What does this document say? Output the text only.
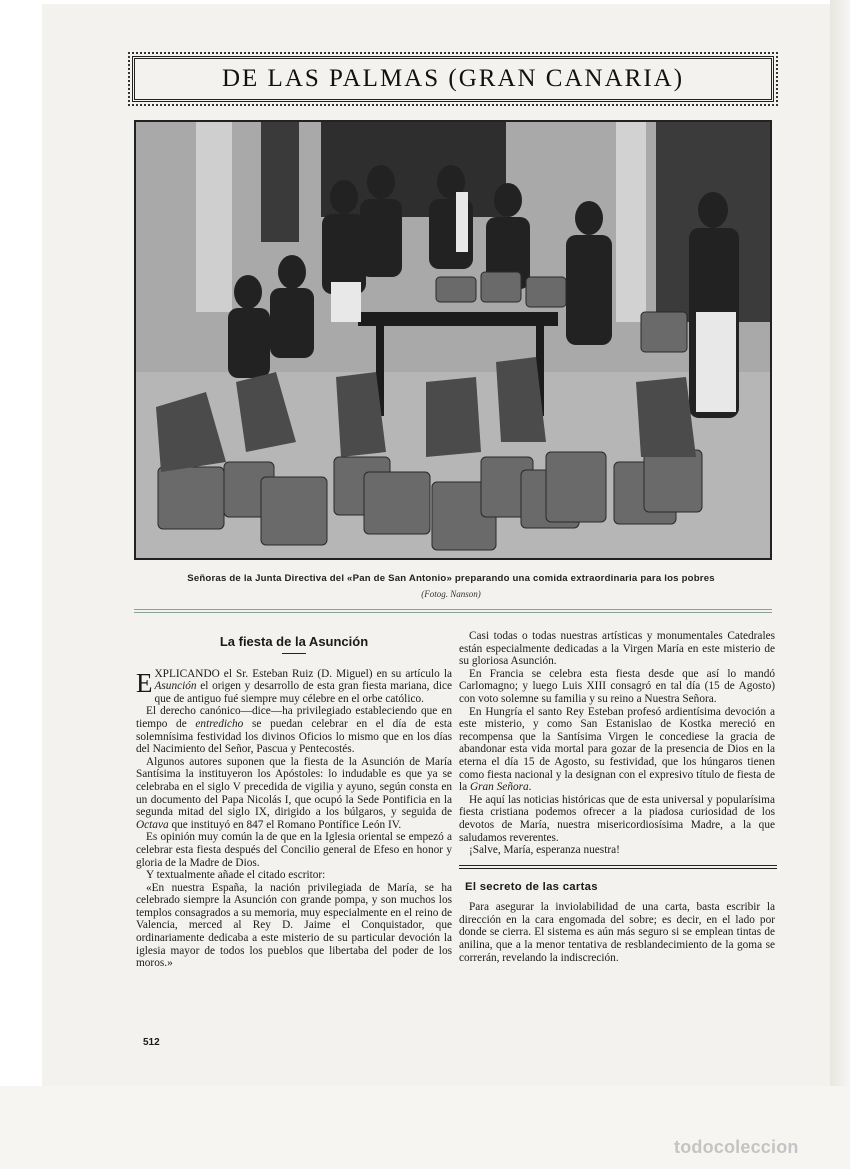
DE LAS PALMAS (GRAN CANARIA)
Señoras de la Junta Directiva del «Pan de San Antonio» preparando una comida extraordinaria para los pobres
(Fotog. Nanson)
La fiesta de la Asunción

EXPLICANDO el Sr. Esteban Ruiz (D. Miguel) en su artículo la Asunción el origen y desarrollo de esta gran fiesta mariana, dice que de antiguo fué siempre muy célebre en el orbe católico.

El derecho canónico—dice—ha privilegiado estableciendo que en tiempo de entredicho se puedan celebrar en el día de esta solemnísima festividad los divinos Oficios lo mismo que en los días del Nacimiento del Señor, Pascua y Pentecostés.

Algunos autores suponen que la fiesta de la Asunción de María Santísima la instituyeron los Apóstoles: lo indudable es que ya se celebraba en el siglo V precedida de vigilia y ayuno, según consta en un documento del Papa Nicolás I, que ocupó la Sede Pontificia en la segunda mitad del siglo IX, dirigido a los búlgaros, y seguida de Octava que instituyó en 847 el Romano Pontífice León IV.

Es opinión muy común la de que en la Iglesia oriental se empezó a celebrar esta fiesta después del Concilio general de Efeso en honor y gloria de la Madre de Dios.

Y textualmente añade el citado escritor:

«En nuestra España, la nación privilegiada de María, se ha celebrado siempre la Asunción con grande pompa, y son muchos los templos consagrados a su memoria, muy especialmente en el reino de Valencia, merced al Rey D. Jaime el Conquistador, que ordinariamente dedicaba a este misterio de su particular devoción la iglesia mayor de todos los pueblos que libertaba del poder de los moros.»

Casi todas o todas nuestras artísticas y monumentales Catedrales están especialmente dedicadas a la Virgen María en este misterio de su gloriosa Asunción.

En Francia se celebra esta fiesta desde que así lo mandó Carlomagno; y luego Luis XIII consagró en tal día (15 de Agosto) con voto solemne su familia y su reino a Nuestra Señora.

En Hungría el santo Rey Esteban profesó ardientísima devoción a este misterio, y como San Estanislao de Kostka mereció en recompensa que la Santísima Virgen le concediese la gracia de abandonar esta vida mortal para gozar de la presencia de Dios en la eterna el día 15 de Agosto, su festividad, que los húngaros tienen como fiesta nacional y la designan con el expresivo título de fiesta de la Gran Señora.

He aquí las noticias históricas que de esta universal y popularísima fiesta cristiana podemos ofrecer a la piadosa curiosidad de los devotos de María, nuestra misericordiosísima Madre, a la que saludamos reverentes.

¡Salve, María, esperanza nuestra!

El secreto de las cartas

Para asegurar la inviolabilidad de una carta, basta escribir la dirección en la cara engomada del sobre; es decir, en el lado por donde se cierra. El sistema es aún más seguro si se emplean tintas de anilina, que a la menor tentativa de resblandecimiento de la goma se correrán, revelando la indiscreción.

512
todocoleccion
